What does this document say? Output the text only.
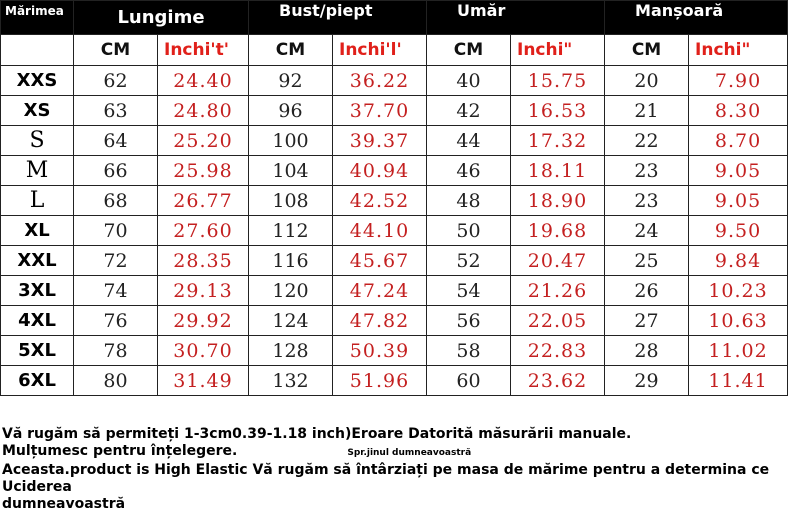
Mărimea	Lungime		Bust/piept		Umăr		Manșoară	
	CM	Inchi't'	CM	Inchi'l'	CM	Inchi"	CM	Inchi"
XXS	62	24.40	92	36.22	40	15.75	20	7.90
XS	63	24.80	96	37.70	42	16.53	21	8.30
S	64	25.20	100	39.37	44	17.32	22	8.70
M	66	25.98	104	40.94	46	18.11	23	9.05
L	68	26.77	108	42.52	48	18.90	23	9.05
XL	70	27.60	112	44.10	50	19.68	24	9.50
XXL	72	28.35	116	45.67	52	20.47	25	9.84
3XL	74	29.13	120	47.24	54	21.26	26	10.23
4XL	76	29.92	124	47.82	56	22.05	27	10.63
5XL	78	30.70	128	50.39	58	22.83	28	11.02
6XL	80	31.49	132	51.96	60	23.62	29	11.41
Vă rugăm să permiteți 1-3cm0.39-1.18 inch)Eroare Datorită măsurării manuale.
Mulțumesc pentru înțelegere.	Spr.jinul dumneavoastră
Aceasta.product is High Elastic Vă rugăm să întârziați pe masa de mărime pentru a determina ce
Uciderea
dumneavoastră
